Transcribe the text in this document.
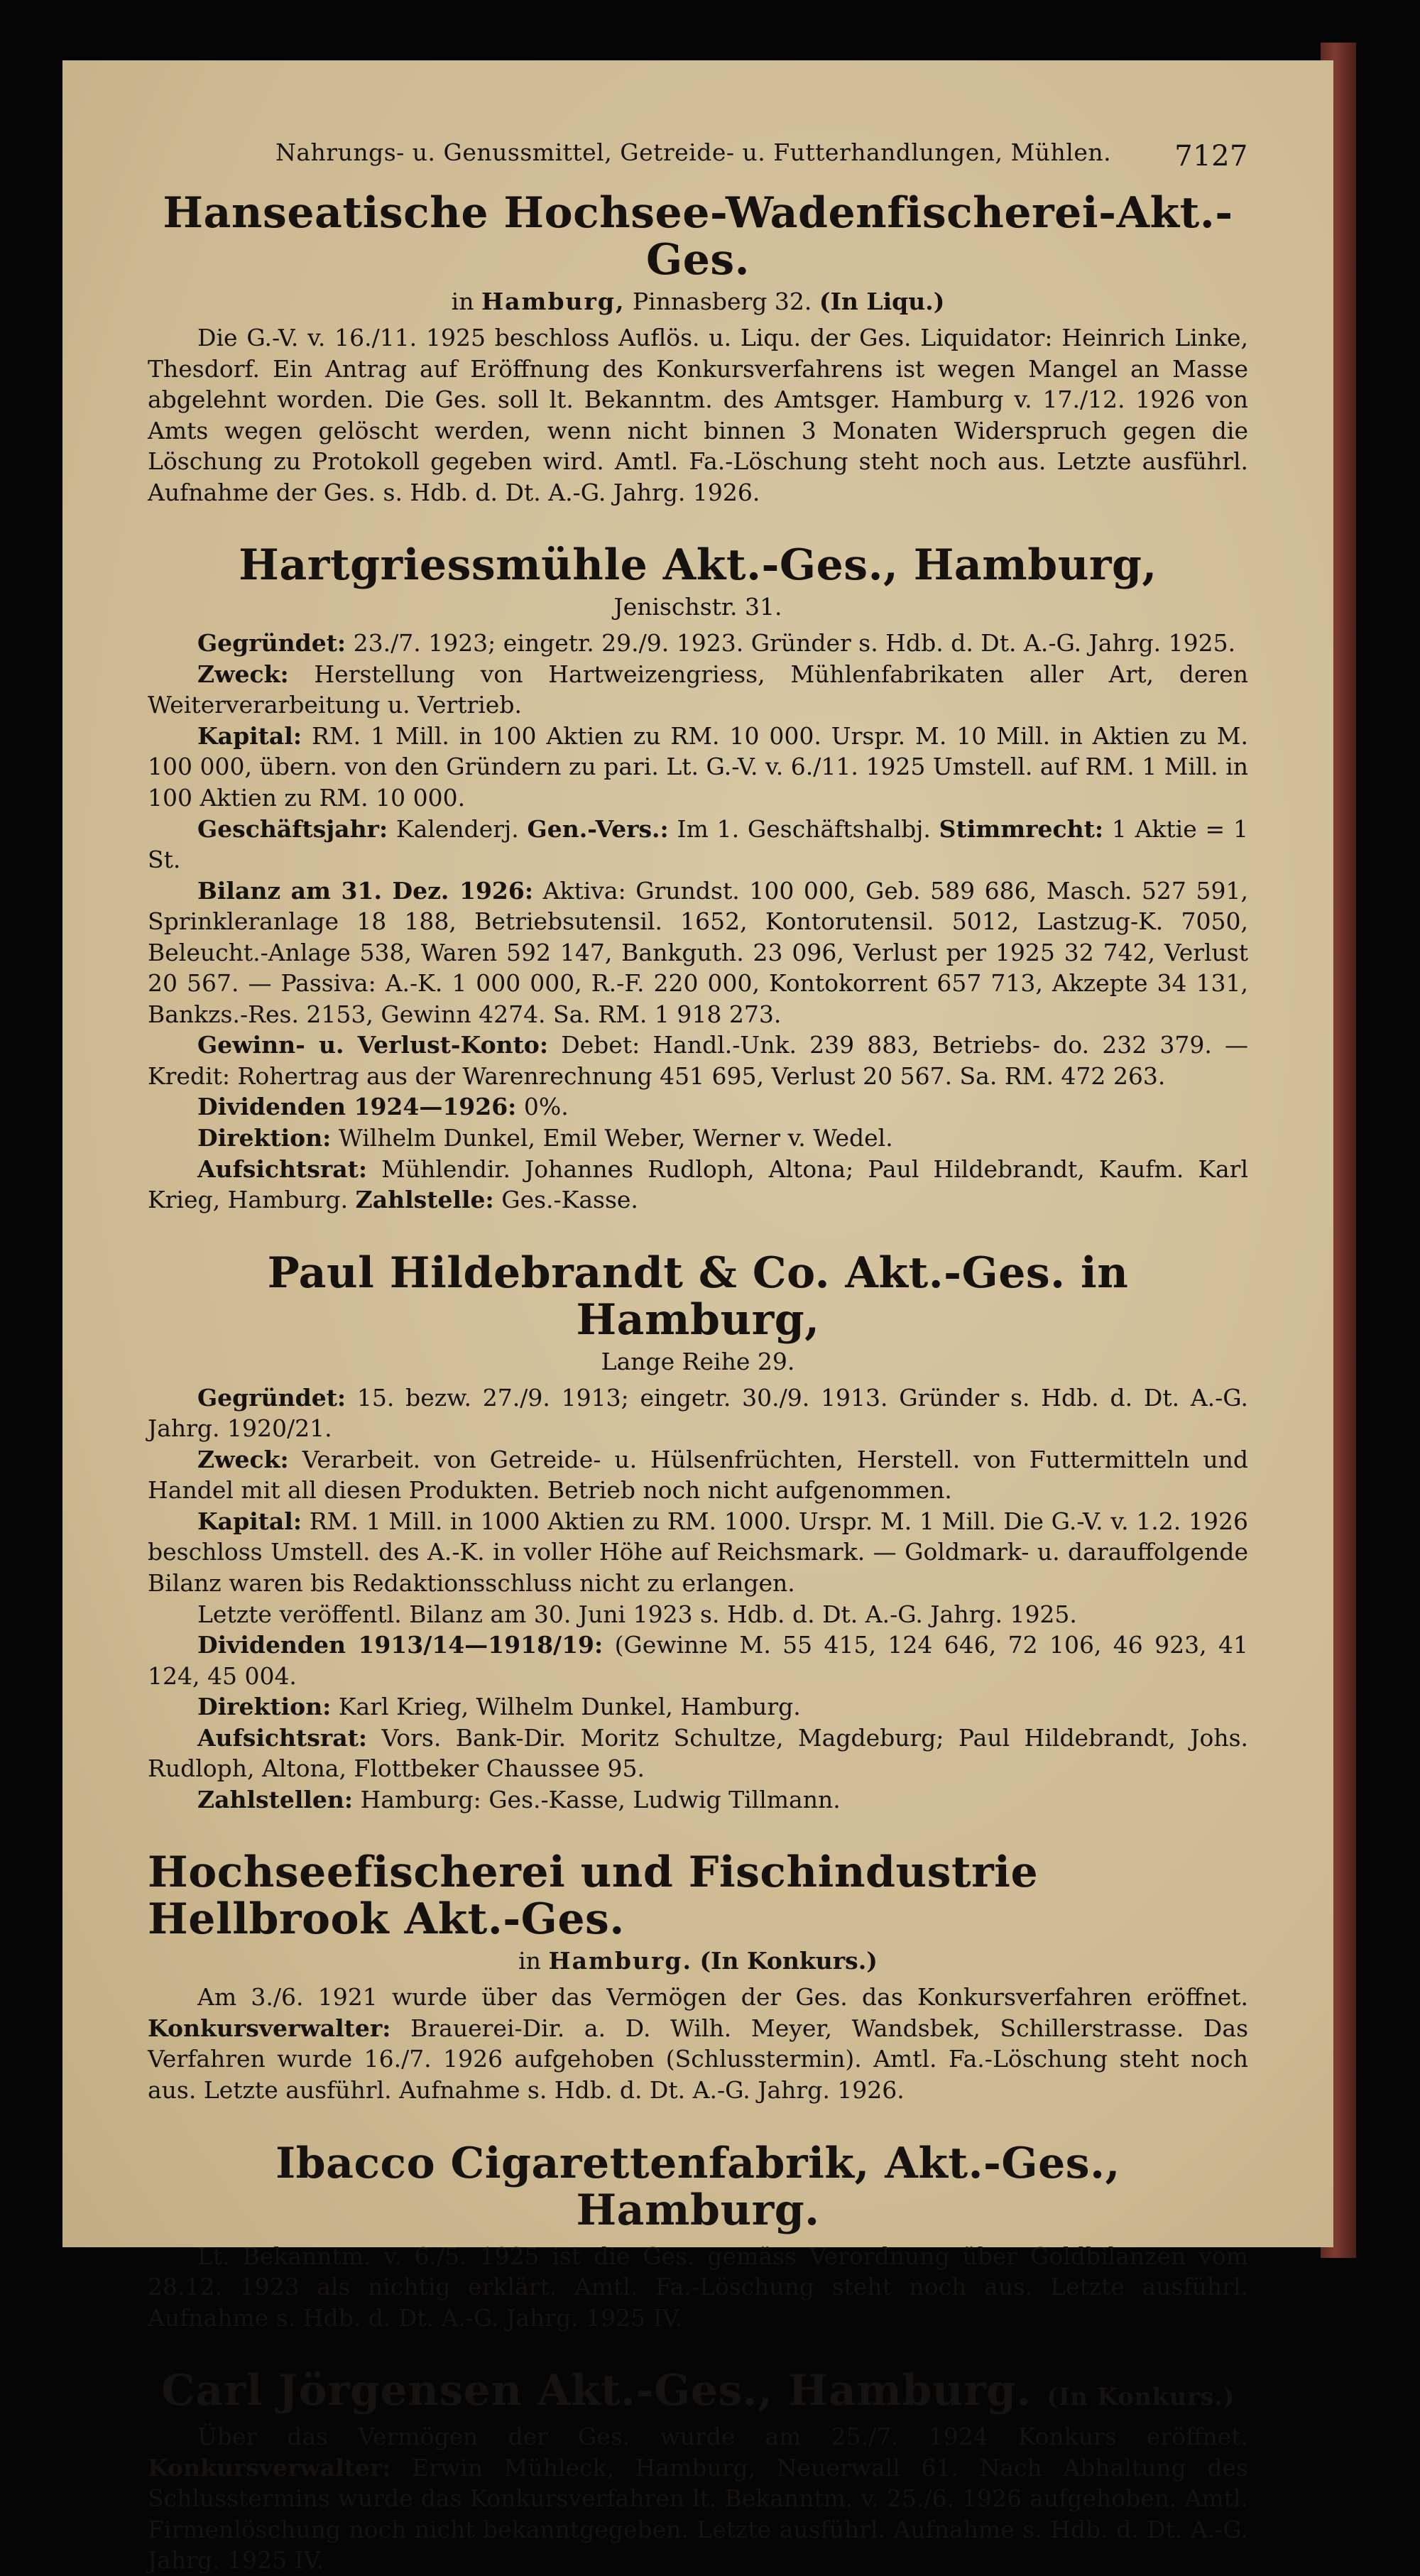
Nahrungs- u. Genussmittel, Getreide- u. Futterhandlungen, Mühlen. 7127
Hanseatische Hochsee-Wadenfischerei-Akt.-Ges.
in Hamburg, Pinnasberg 32. (In Liqu.)

Die G.-V. v. 16./11. 1925 beschloss Auflös. u. Liqu. der Ges. Liquidator: Heinrich Linke, Thesdorf. Ein Antrag auf Eröffnung des Konkursverfahrens ist wegen Mangel an Masse abgelehnt worden. Die Ges. soll lt. Bekanntm. des Amtsger. Hamburg v. 17./12. 1926 von Amts wegen gelöscht werden, wenn nicht binnen 3 Monaten Widerspruch gegen die Löschung zu Protokoll gegeben wird. Amtl. Fa.-Löschung steht noch aus. Letzte ausführl. Aufnahme der Ges. s. Hdb. d. Dt. A.-G. Jahrg. 1926.

Hartgriessmühle Akt.-Ges., Hamburg,
Jenischstr. 31.

Gegründet: 23./7. 1923; eingetr. 29./9. 1923. Gründer s. Hdb. d. Dt. A.-G. Jahrg. 1925.

Zweck: Herstellung von Hartweizengriess, Mühlenfabrikaten aller Art, deren Weiterverarbeitung u. Vertrieb.

Kapital: RM. 1 Mill. in 100 Aktien zu RM. 10 000. Urspr. M. 10 Mill. in Aktien zu M. 100 000, übern. von den Gründern zu pari. Lt. G.-V. v. 6./11. 1925 Umstell. auf RM. 1 Mill. in 100 Aktien zu RM. 10 000.

Geschäftsjahr: Kalenderj. Gen.-Vers.: Im 1. Geschäftshalbj. Stimmrecht: 1 Aktie = 1 St.

Bilanz am 31. Dez. 1926: Aktiva: Grundst. 100 000, Geb. 589 686, Masch. 527 591, Sprinkleranlage 18 188, Betriebsutensil. 1652, Kontorutensil. 5012, Lastzug-K. 7050, Beleucht.-Anlage 538, Waren 592 147, Bankguth. 23 096, Verlust per 1925 32 742, Verlust 20 567. — Passiva: A.-K. 1 000 000, R.-F. 220 000, Kontokorrent 657 713, Akzepte 34 131, Bankzs.-Res. 2153, Gewinn 4274. Sa. RM. 1 918 273.

Gewinn- u. Verlust-Konto: Debet: Handl.-Unk. 239 883, Betriebs- do. 232 379. — Kredit: Rohertrag aus der Warenrechnung 451 695, Verlust 20 567. Sa. RM. 472 263.

Dividenden 1924—1926: 0%.

Direktion: Wilhelm Dunkel, Emil Weber, Werner v. Wedel.

Aufsichtsrat: Mühlendir. Johannes Rudloph, Altona; Paul Hildebrandt, Kaufm. Karl Krieg, Hamburg. Zahlstelle: Ges.-Kasse.

Paul Hildebrandt & Co. Akt.-Ges. in Hamburg,
Lange Reihe 29.

Gegründet: 15. bezw. 27./9. 1913; eingetr. 30./9. 1913. Gründer s. Hdb. d. Dt. A.-G. Jahrg. 1920/21.

Zweck: Verarbeit. von Getreide- u. Hülsenfrüchten, Herstell. von Futtermitteln und Handel mit all diesen Produkten. Betrieb noch nicht aufgenommen.

Kapital: RM. 1 Mill. in 1000 Aktien zu RM. 1000. Urspr. M. 1 Mill. Die G.-V. v. 1.2. 1926 beschloss Umstell. des A.-K. in voller Höhe auf Reichsmark. — Goldmark- u. darauffolgende Bilanz waren bis Redaktionsschluss nicht zu erlangen.

Letzte veröffentl. Bilanz am 30. Juni 1923 s. Hdb. d. Dt. A.-G. Jahrg. 1925.

Dividenden 1913/14—1918/19: (Gewinne M. 55 415, 124 646, 72 106, 46 923, 41 124, 45 004.

Direktion: Karl Krieg, Wilhelm Dunkel, Hamburg.

Aufsichtsrat: Vors. Bank-Dir. Moritz Schultze, Magdeburg; Paul Hildebrandt, Johs. Rudloph, Altona, Flottbeker Chaussee 95.

Zahlstellen: Hamburg: Ges.-Kasse, Ludwig Tillmann.

Hochseefischerei und Fischindustrie Hellbrook Akt.-Ges.
in Hamburg. (In Konkurs.)

Am 3./6. 1921 wurde über das Vermögen der Ges. das Konkursverfahren eröffnet. Konkursverwalter: Brauerei-Dir. a. D. Wilh. Meyer, Wandsbek, Schillerstrasse. Das Verfahren wurde 16./7. 1926 aufgehoben (Schlusstermin). Amtl. Fa.-Löschung steht noch aus. Letzte ausführl. Aufnahme s. Hdb. d. Dt. A.-G. Jahrg. 1926.

Ibacco Cigarettenfabrik, Akt.-Ges., Hamburg.

Lt. Bekanntm. v. 6./5. 1925 ist die Ges. gemäss Verordnung über Goldbilanzen vom 28.12. 1923 als nichtig erklärt. Amtl. Fa.-Löschung steht noch aus. Letzte ausführl. Aufnahme s. Hdb. d. Dt. A.-G. Jahrg. 1925 IV.

Carl Jörgensen Akt.-Ges., Hamburg. (In Konkurs.)

Über das Vermögen der Ges. wurde am 25./7. 1924 Konkurs eröffnet. Konkursverwalter: Erwin Mühleck, Hamburg, Neuerwall 61. Nach Abhaltung des Schlusstermins wurde das Konkursverfahren lt. Bekanntm. v. 25./6. 1926 aufgehoben. Amtl. Firmenlöschung noch nicht bekanntgegeben. Letzte ausführl. Aufnahme s. Hdb. d. Dt. A.-G. Jahrg. 1925 IV.
